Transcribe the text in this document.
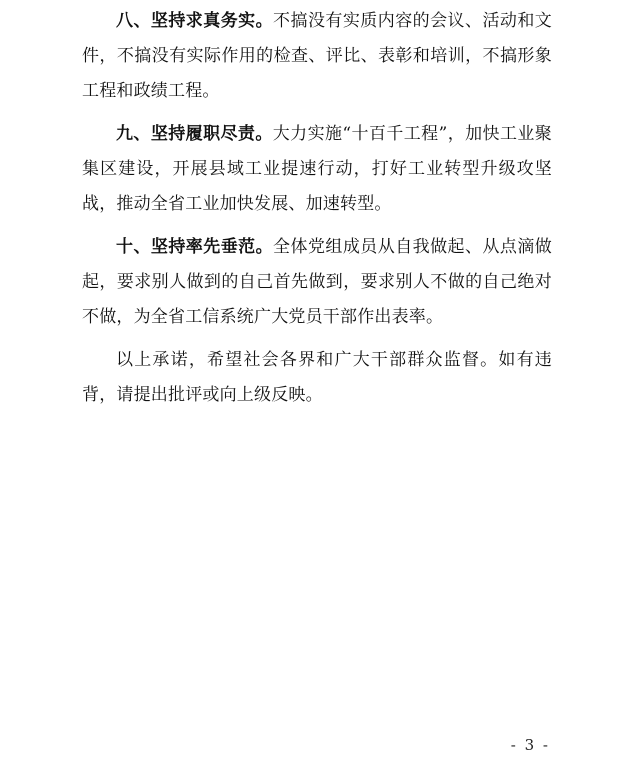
八、坚持求真务实。不搞没有实质内容的会议、活动和文件，不搞没有实际作用的检查、评比、表彰和培训，不搞形象工程和政绩工程。

九、坚持履职尽责。大力实施“十百千工程”，加快工业聚集区建设，开展县域工业提速行动，打好工业转型升级攻坚战，推动全省工业加快发展、加速转型。

十、坚持率先垂范。全体党组成员从自我做起、从点滴做起，要求别人做到的自己首先做到，要求别人不做的自己绝对不做，为全省工信系统广大党员干部作出表率。

以上承诺，希望社会各界和广大干部群众监督。如有违背，请提出批评或向上级反映。

- 3 -
